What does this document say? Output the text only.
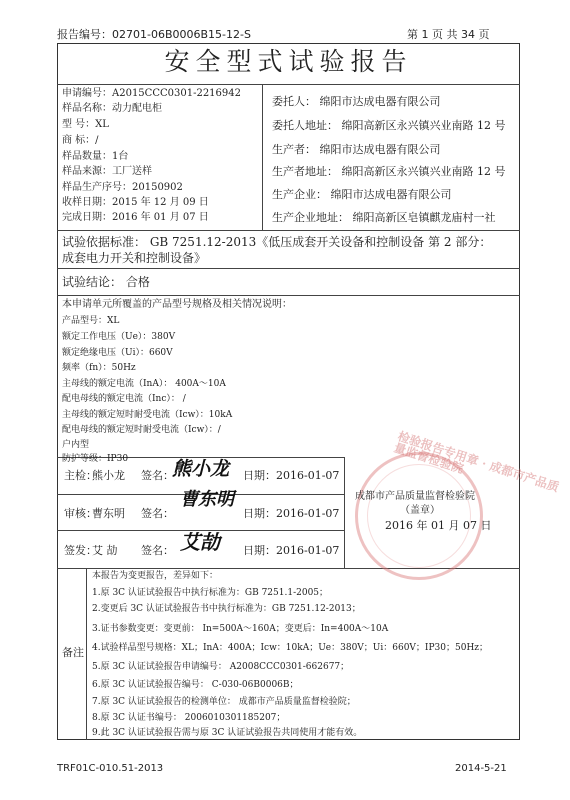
报告编号：02701-06B0006B15-12-S	第 1 页 共 34 页
安全型式试验报告
申请编号：A2015CCC0301-2216942
样品名称：动力配电柜
型 号：XL
商 标：/
样品数量：1台
样品来源：工厂送样
样品生产序号：20150902
收样日期：2015 年 12 月 09 日
完成日期：2016 年 01 月 07 日
委托人： 绵阳市达成电器有限公司
委托人地址： 绵阳高新区永兴镇兴业南路 12 号
生产者： 绵阳市达成电器有限公司
生产者地址： 绵阳高新区永兴镇兴业南路 12 号
生产企业： 绵阳市达成电器有限公司
生产企业地址： 绵阳高新区皂镇麒龙庙村一社
试验依据标准： GB 7251.12-2013《低压成套开关设备和控制设备 第 2 部分：
成套电力开关和控制设备》
试验结论： 合格
本申请单元所覆盖的产品型号规格及相关情况说明：
产品型号：XL
额定工作电压（Ue）：380V
额定绝缘电压（Ui）：660V
频率（fn）：50Hz
主母线的额定电流（InA）： 400A～10A
配电母线的额定电流（Inc）： /
主母线的额定短时耐受电流（Icw）：10kA
配电母线的额定短时耐受电流（Icw）：/
户内型
防护等级：IP30
主检：
熊小龙 签名：
熊小龙 日期： 2016-01-07
审核：
曹东明 签名：
曹东明
日期： 2016-01-07
签发：
艾 劼 签名： 艾劼 日期： 2016-01-07
检验报告专用章 · 成都市产品质量监督检验院
成都市产品质量监督检验院
（盖章）
2016 年 01 月 07 日
备注
本报告为变更报告，差异如下：
1.原 3C 认证试验报告中执行标准为：GB 7251.1-2005；
2.变更后 3C 认证试验报告书中执行标准为：GB 7251.12-2013；
3.证书参数变更：变更前： In=500A～160A；变更后：In=400A～10A
4.试验样品型号规格：XL；InA：400A；Icw：10kA；Ue：380V；Ui：660V；IP30；50Hz；
5.原 3C 认证试验报告申请编号： A2008CCC0301-662677；
6.原 3C 认证试验报告编号： C-030-06B0006B；
7.原 3C 认证试验报告的检测单位： 成都市产品质量监督检验院；
8.原 3C 认证书编号： 2006010301185207；
9.此 3C 认证试验报告需与原 3C 认证试验报告共同使用才能有效。
TRF01C-010.51-2013	2014-5-21
